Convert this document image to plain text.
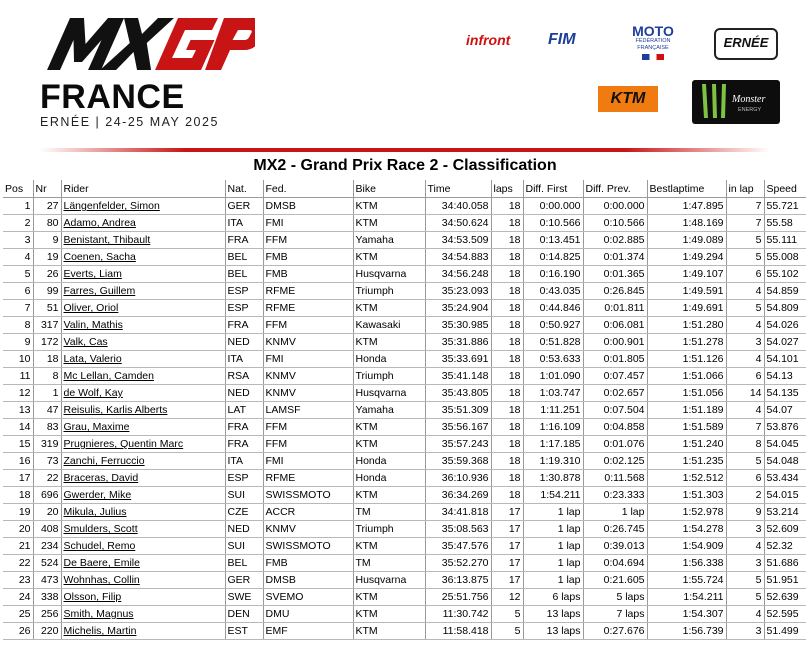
FRANCE
ERNÉE | 24-25 MAY 2025
infront FIM	MOTO
FÉDÉRATION
FRANÇAISE	ERNÉE
KTM	Monster
ENERGY
MX2 - Grand Prix Race 2 - Classification
Pos	Nr	Rider	Nat.	Fed.	Bike	Time	laps	Diff. First	Diff. Prev.	Bestlaptime	in lap	Speed
1	27	Längenfelder, Simon	GER	DMSB	KTM	34:40.058	18	0:00.000	0:00.000	1:47.895	7	55.721
2	80	Adamo, Andrea	ITA	FMI	KTM	34:50.624	18	0:10.566	0:10.566	1:48.169	7	55.58
3	9	Benistant, Thibault	FRA	FFM	Yamaha	34:53.509	18	0:13.451	0:02.885	1:49.089	5	55.111
4	19	Coenen, Sacha	BEL	FMB	KTM	34:54.883	18	0:14.825	0:01.374	1:49.294	5	55.008
5	26	Everts, Liam	BEL	FMB	Husqvarna	34:56.248	18	0:16.190	0:01.365	1:49.107	6	55.102
6	99	Farres, Guillem	ESP	RFME	Triumph	35:23.093	18	0:43.035	0:26.845	1:49.591	4	54.859
7	51	Oliver, Oriol	ESP	RFME	KTM	35:24.904	18	0:44.846	0:01.811	1:49.691	5	54.809
8	317	Valin, Mathis	FRA	FFM	Kawasaki	35:30.985	18	0:50.927	0:06.081	1:51.280	4	54.026
9	172	Valk, Cas	NED	KNMV	KTM	35:31.886	18	0:51.828	0:00.901	1:51.278	3	54.027
10	18	Lata, Valerio	ITA	FMI	Honda	35:33.691	18	0:53.633	0:01.805	1:51.126	4	54.101
11	8	Mc Lellan, Camden	RSA	KNMV	Triumph	35:41.148	18	1:01.090	0:07.457	1:51.066	6	54.13
12	1	de Wolf, Kay	NED	KNMV	Husqvarna	35:43.805	18	1:03.747	0:02.657	1:51.056	14	54.135
13	47	Reisulis, Karlis Alberts	LAT	LAMSF	Yamaha	35:51.309	18	1:11.251	0:07.504	1:51.189	4	54.07
14	83	Grau, Maxime	FRA	FFM	KTM	35:56.167	18	1:16.109	0:04.858	1:51.589	7	53.876
15	319	Prugnieres, Quentin Marc	FRA	FFM	KTM	35:57.243	18	1:17.185	0:01.076	1:51.240	8	54.045
16	73	Zanchi, Ferruccio	ITA	FMI	Honda	35:59.368	18	1:19.310	0:02.125	1:51.235	5	54.048
17	22	Braceras, David	ESP	RFME	Honda	36:10.936	18	1:30.878	0:11.568	1:52.512	6	53.434
18	696	Gwerder, Mike	SUI	SWISSMOTO	KTM	36:34.269	18	1:54.211	0:23.333	1:51.303	2	54.015
19	20	Mikula, Julius	CZE	ACCR	TM	34:41.818	17	1 lap	1 lap	1:52.978	9	53.214
20	408	Smulders, Scott	NED	KNMV	Triumph	35:08.563	17	1 lap	0:26.745	1:54.278	3	52.609
21	234	Schudel, Remo	SUI	SWISSMOTO	KTM	35:47.576	17	1 lap	0:39.013	1:54.909	4	52.32
22	524	De Baere, Emile	BEL	FMB	TM	35:52.270	17	1 lap	0:04.694	1:56.338	3	51.686
23	473	Wohnhas, Collin	GER	DMSB	Husqvarna	36:13.875	17	1 lap	0:21.605	1:55.724	5	51.951
24	338	Olsson, Filip	SWE	SVEMO	KTM	25:51.756	12	6 laps	5 laps	1:54.211	5	52.639
25	256	Smith, Magnus	DEN	DMU	KTM	11:30.742	5	13 laps	7 laps	1:54.307	4	52.595
26	220	Michelis, Martin	EST	EMF	KTM	11:58.418	5	13 laps	0:27.676	1:56.739	3	51.499
